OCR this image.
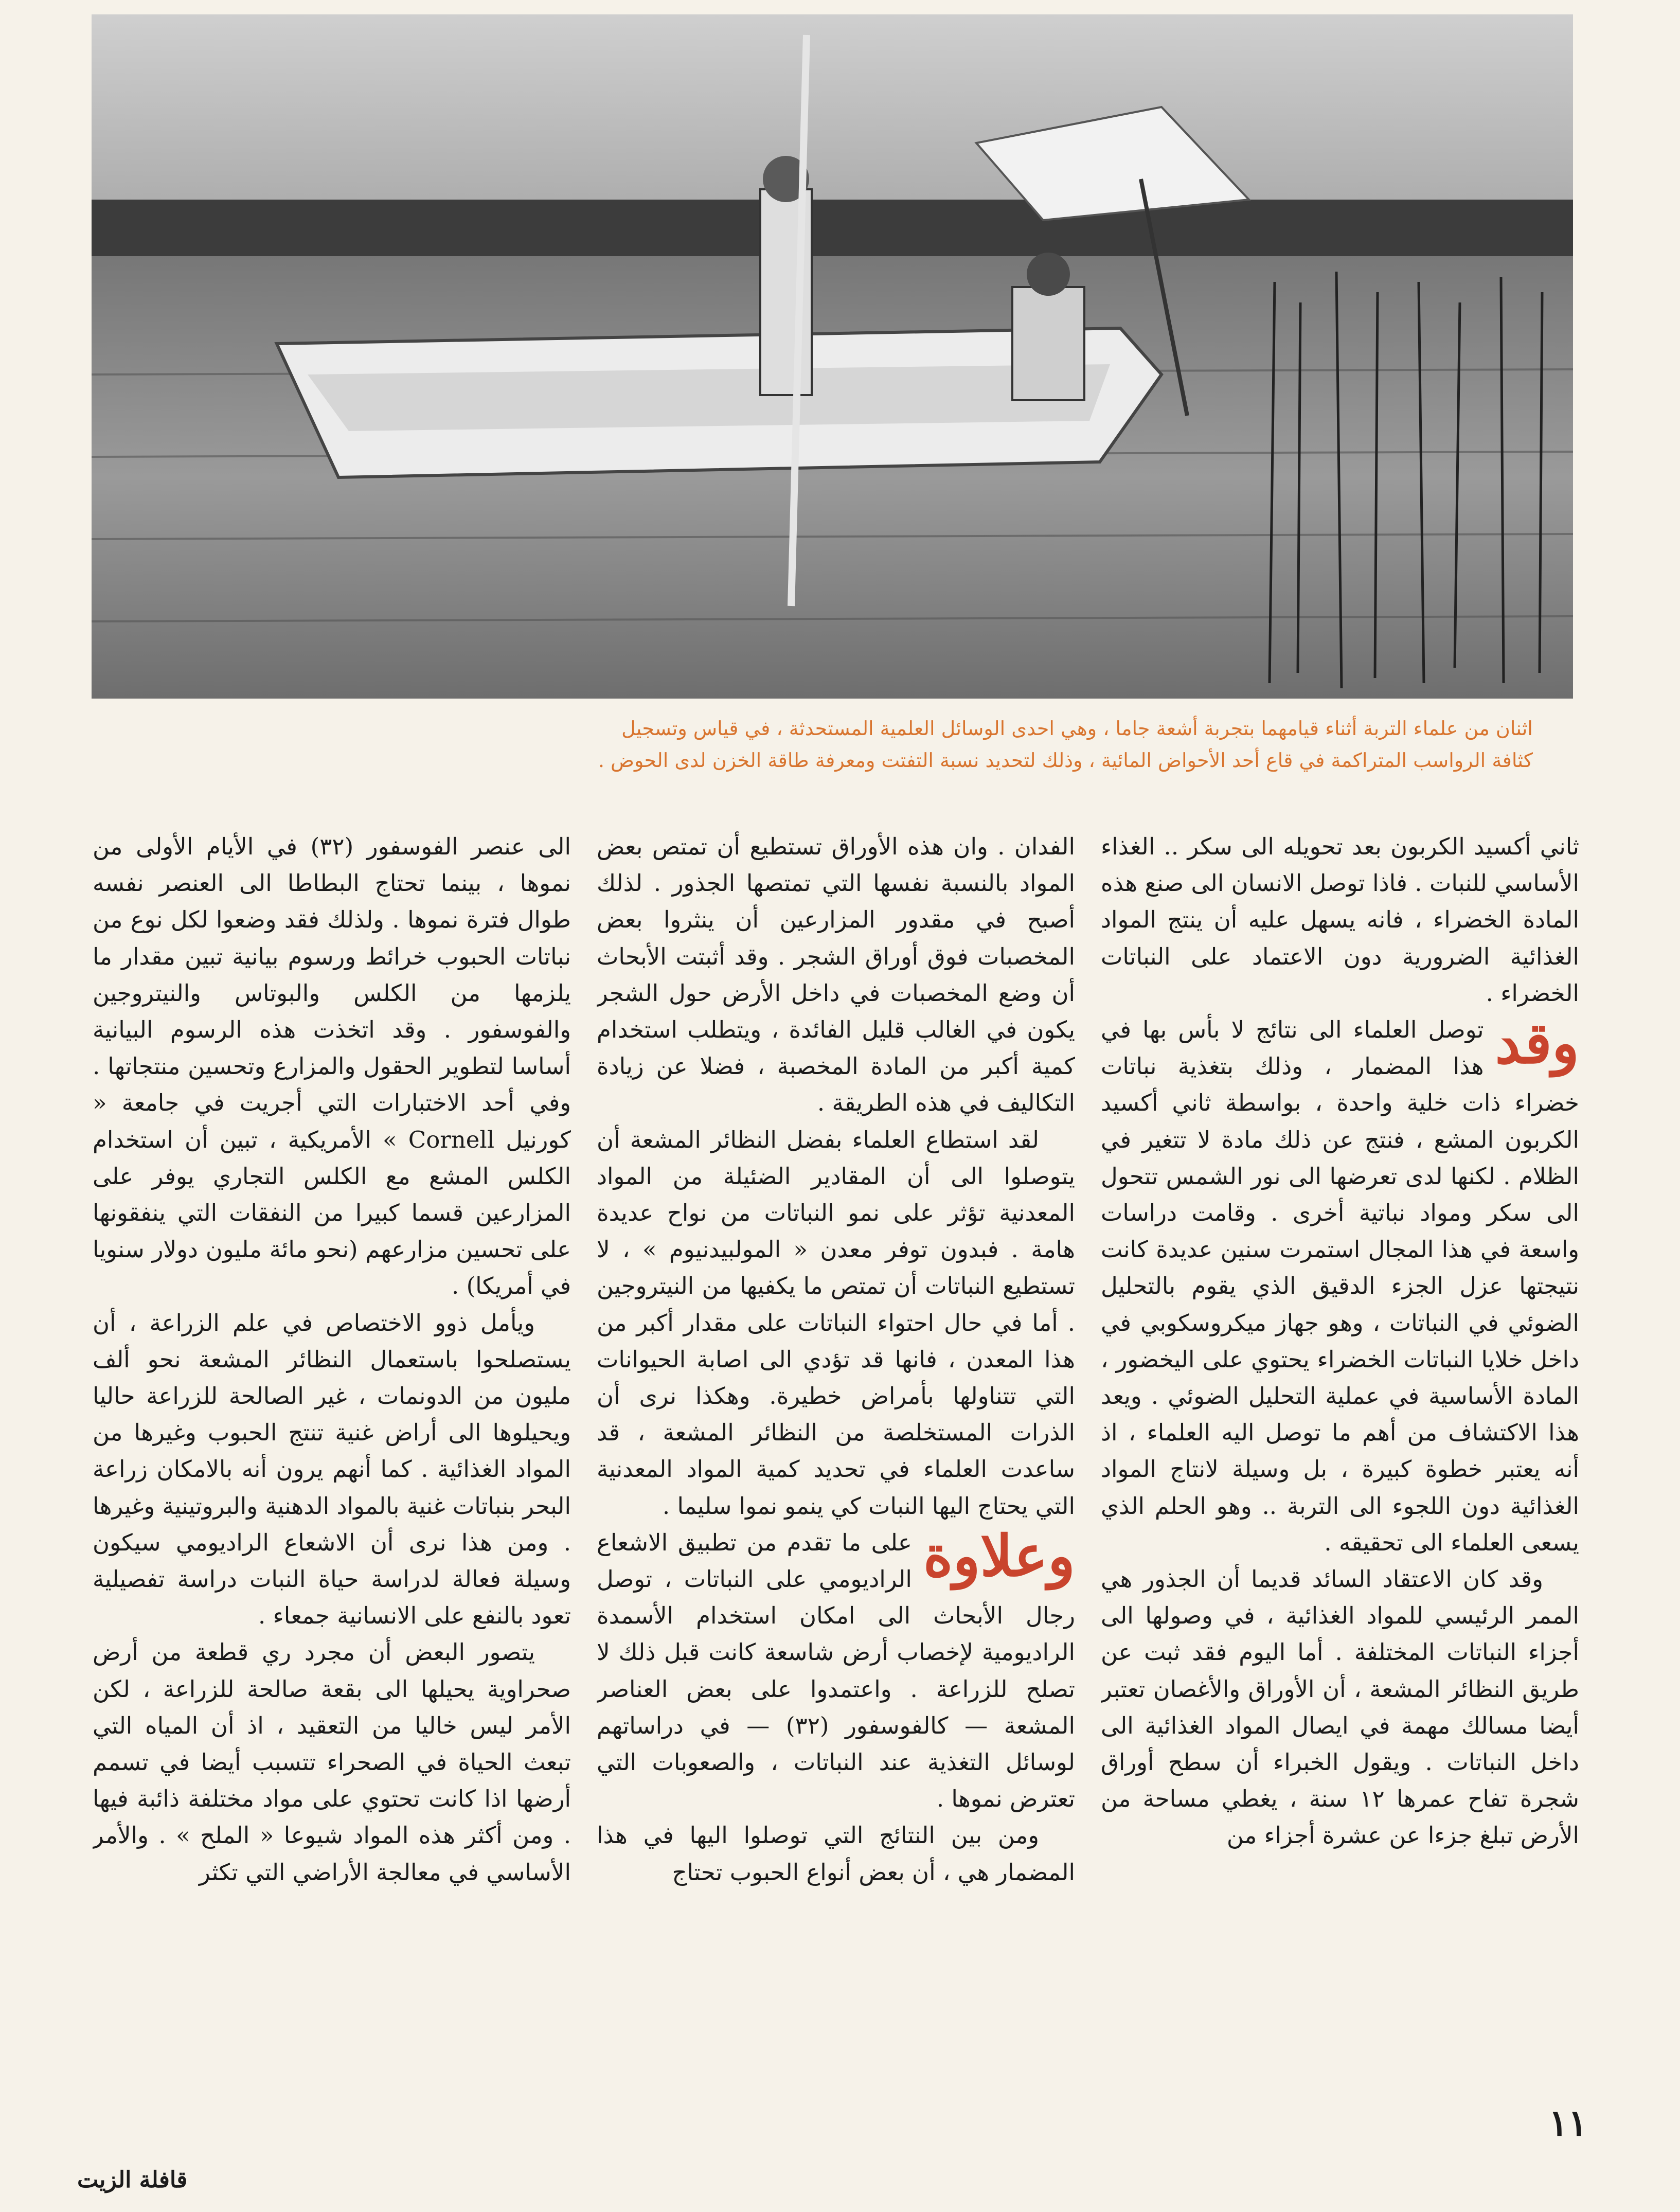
اثنان من علماء التربة أثناء قيامهما بتجربة أشعة جاما ، وهي احدى الوسائل العلمية المستحدثة ، في قياس وتسجيل
كثافة الرواسب المتراكمة في قاع أحد الأحواض المائية ، وذلك لتحديد نسبة التفتت ومعرفة طاقة الخزن لدى الحوض .

ثاني أكسيد الكربون بعد تحويله الى سكر .. الغذاء الأساسي للنبات . فاذا توصل الانسان الى صنع هذه المادة الخضراء ، فانه يسهل عليه أن ينتج المواد الغذائية الضرورية دون الاعتماد على النباتات الخضراء .

وقد
توصل العلماء الى نتائج لا بأس بها في هذا المضمار ، وذلك بتغذية نباتات خضراء ذات خلية واحدة ، بواسطة ثاني أكسيد الكربون المشع ، فنتج عن ذلك مادة لا تتغير في الظلام . لكنها لدى تعرضها الى نور الشمس تتحول الى سكر ومواد نباتية أخرى . وقامت دراسات واسعة في هذا المجال استمرت سنين عديدة كانت نتيجتها عزل الجزء الدقيق الذي يقوم بالتحليل الضوئي في النباتات ، وهو جهاز ميكروسكوبي في داخل خلايا النباتات الخضراء يحتوي على اليخضور ، المادة الأساسية في عملية التحليل الضوئي . ويعد هذا الاكتشاف من أهم ما توصل اليه العلماء ، اذ أنه يعتبر خطوة كبيرة ، بل وسيلة لانتاج المواد الغذائية دون اللجوء الى التربة .. وهو الحلم الذي يسعى العلماء الى تحقيقه .

وقد كان الاعتقاد السائد قديما أن الجذور هي الممر الرئيسي للمواد الغذائية ، في وصولها الى أجزاء النباتات المختلفة . أما اليوم فقد ثبت عن طريق النظائر المشعة ، أن الأوراق والأغصان تعتبر أيضا مسالك مهمة في ايصال المواد الغذائية الى داخل النباتات . ويقول الخبراء أن سطح أوراق شجرة تفاح عمرها ١٢ سنة ، يغطي مساحة من الأرض تبلغ جزءا عن عشرة أجزاء من

الفدان . وان هذه الأوراق تستطيع أن تمتص بعض المواد بالنسبة نفسها التي تمتصها الجذور . لذلك أصبح في مقدور المزارعين أن ينثروا بعض المخصبات فوق أوراق الشجر . وقد أثبتت الأبحاث أن وضع المخصبات في داخل الأرض حول الشجر يكون في الغالب قليل الفائدة ، ويتطلب استخدام كمية أكبر من المادة المخصبة ، فضلا عن زيادة التكاليف في هذه الطريقة .

لقد استطاع العلماء بفضل النظائر المشعة أن يتوصلوا الى أن المقادير الضئيلة من المواد المعدنية تؤثر على نمو النباتات من نواح عديدة هامة . فبدون توفر معدن « المولبيدنيوم » ، لا تستطيع النباتات أن تمتص ما يكفيها من النيتروجين . أما في حال احتواء النباتات على مقدار أكبر من هذا المعدن ، فانها قد تؤدي الى اصابة الحيوانات التي تتناولها بأمراض خطيرة. وهكذا نرى أن الذرات المستخلصة من النظائر المشعة ، قد ساعدت العلماء في تحديد كمية المواد المعدنية التي يحتاج اليها النبات كي ينمو نموا سليما .

وعلاوة
على ما تقدم من تطبيق الاشعاع الراديومي على النباتات ، توصل رجال الأبحاث الى امكان استخدام الأسمدة الراديومية لإخصاب أرض شاسعة كانت قبل ذلك لا تصلح للزراعة . واعتمدوا على بعض العناصر المشعة — كالفوسفور (٣٢) — في دراساتهم لوسائل التغذية عند النباتات ، والصعوبات التي تعترض نموها .

ومن بين النتائج التي توصلوا اليها في هذا المضمار هي ، أن بعض أنواع الحبوب تحتاج

الى عنصر الفوسفور (٣٢) في الأيام الأولى من نموها ، بينما تحتاج البطاطا الى العنصر نفسه طوال فترة نموها . ولذلك فقد وضعوا لكل نوع من نباتات الحبوب خرائط ورسوم بيانية تبين مقدار ما يلزمها من الكلس والبوتاس والنيتروجين والفوسفور . وقد اتخذت هذه الرسوم البيانية أساسا لتطوير الحقول والمزارع وتحسين منتجاتها . وفي أحد الاختبارات التي أجريت في جامعة « كورنيل Cornell » الأمريكية ، تبين أن استخدام الكلس المشع مع الكلس التجاري يوفر على المزارعين قسما كبيرا من النفقات التي ينفقونها على تحسين مزارعهم (نحو مائة مليون دولار سنويا في أمريكا) .

ويأمل ذوو الاختصاص في علم الزراعة ، أن يستصلحوا باستعمال النظائر المشعة نحو ألف مليون من الدونمات ، غير الصالحة للزراعة حاليا ويحيلوها الى أراض غنية تنتج الحبوب وغيرها من المواد الغذائية . كما أنهم يرون أنه بالامكان زراعة البحر بنباتات غنية بالمواد الدهنية والبروتينية وغيرها . ومن هذا نرى أن الاشعاع الراديومي سيكون وسيلة فعالة لدراسة حياة النبات دراسة تفصيلية تعود بالنفع على الانسانية جمعاء .

يتصور البعض أن مجرد ري قطعة من أرض صحراوية يحيلها الى بقعة صالحة للزراعة ، لكن الأمر ليس خاليا من التعقيد ، اذ أن المياه التي تبعث الحياة في الصحراء تتسبب أيضا في تسمم أرضها اذا كانت تحتوي على مواد مختلفة ذائبة فيها . ومن أكثر هذه المواد شيوعا « الملح » . والأمر الأساسي في معالجة الأراضي التي تكثر

١١
قافلة الزيت
